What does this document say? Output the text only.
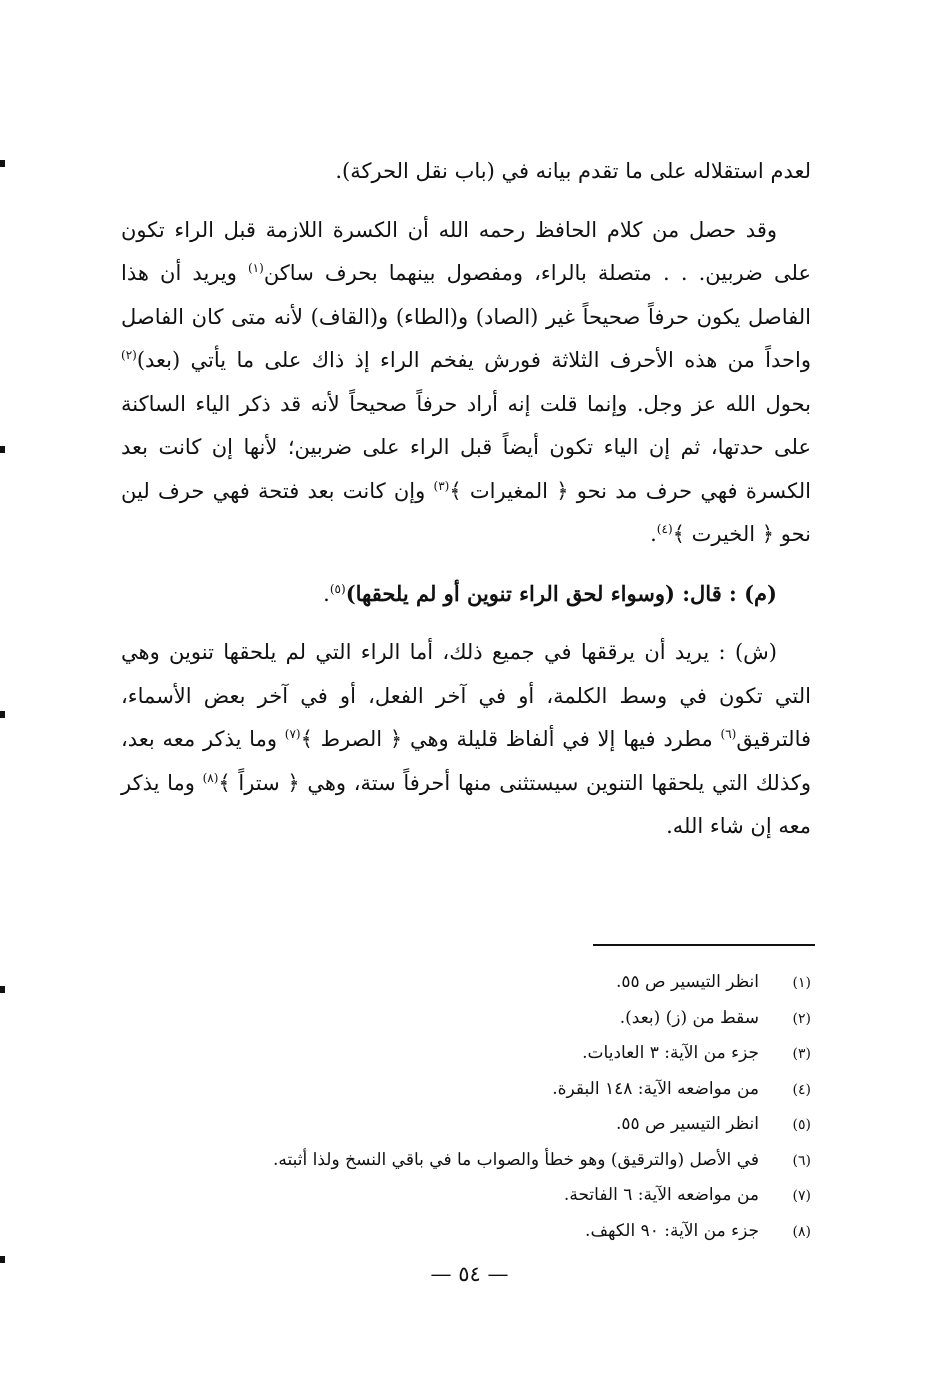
لعدم استقلاله على ما تقدم بيانه في (باب نقل الحركة).

وقد حصل من كلام الحافظ رحمه الله أن الكسرة اللازمة قبل الراء تكون على ضربين. . . متصلة بالراء، ومفصول بينهما بحرف ساكن$^{(١)}$ ويريد أن هذا الفاصل يكون حرفاً صحيحاً غير (الصاد) و(الطاء) و(القاف) لأنه متى كان الفاصل واحداً من هذه الأحرف الثلاثة فورش يفخم الراء إذ ذاك على ما يأتي (بعد)$^{(٢)}$ بحول الله عز وجل. وإنما قلت إنه أراد حرفاً صحيحاً لأنه قد ذكر الياء الساكنة على حدتها، ثم إن الياء تكون أيضاً قبل الراء على ضربين؛ لأنها إن كانت بعد الكسرة فهي حرف مد نحو ﴿ المغيرات ﴾$^{(٣)}$ وإن كانت بعد فتحة فهي حرف لين نحو ﴿ الخيرت ﴾$^{(٤)}$.

(م) : قال: (وسواء لحق الراء تنوين أو لم يلحقها)$^{(٥)}$.

(ش) : يريد أن يرققها في جميع ذلك، أما الراء التي لم يلحقها تنوين وهي التي تكون في وسط الكلمة، أو في آخر الفعل، أو في آخر بعض الأسماء، فالترقيق$^{(٦)}$ مطرد فيها إلا في ألفاظ قليلة وهي ﴿ الصرط ﴾$^{(٧)}$ وما يذكر معه بعد، وكذلك التي يلحقها التنوين سيستثنى منها أحرفاً ستة، وهي ﴿ ستراً ﴾$^{(٨)}$ وما يذكر معه إن شاء الله.

(١)
انظر التيسير ص ٥٥.
(٢)
سقط من (ز) (بعد).
(٣)
جزء من الآية: ٣ العاديات.
(٤)
من مواضعه الآية: ١٤٨ البقرة.
(٥)
انظر التيسير ص ٥٥.
(٦)
في الأصل (والترقيق) وهو خطأ والصواب ما في باقي النسخ ولذا أثبته.
(٧)
من مواضعه الآية: ٦ الفاتحة.
(٨)
جزء من الآية: ٩٠ الكهف.
— ٥٤ —
